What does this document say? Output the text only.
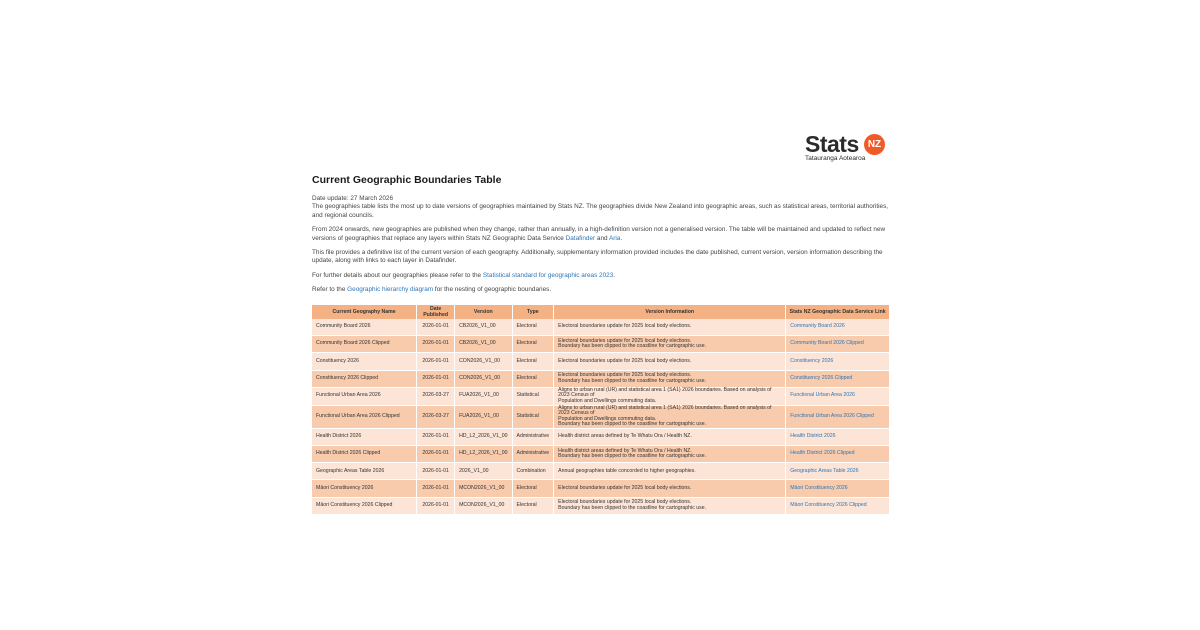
Stats NZ
Tatauranga Aotearoa
Current Geographic Boundaries Table

Date update: 27 March 2026
The geographies table lists the most up to date versions of geographies maintained by Stats NZ. The geographies divide New Zealand into geographic areas, such as statistical areas, territorial authorities, and regional councils.

From 2024 onwards, new geographies are published when they change, rather than annually, in a high-definition version not a generalised version. The table will be maintained and updated to reflect new versions of geographies that replace any layers within Stats NZ Geographic Data Service Datafinder and Aria.

This file provides a definitive list of the current version of each geography. Additionally, supplementary information provided includes the date published, current version, version information describing the update, along with links to each layer in Datafinder.

For further details about our geographies please refer to the Statistical standard for geographic areas 2023.

Refer to the Geographic hierarchy diagram for the nesting of geographic boundaries.

Current Geography Name	Date Published	Version	Type	Version Information	Stats NZ Geographic Data Service Link
Community Board 2026	2026-01-01	CB2026_V1_00	Electoral	Electoral boundaries update for 2025 local body elections.	Community Board 2026
Community Board 2026 Clipped	2026-01-01	CB2026_V1_00	Electoral	Electoral boundaries update for 2025 local body elections.
Boundary has been clipped to the coastline for cartographic use.	Community Board 2026 Clipped
Constituency 2026	2026-01-01	CON2026_V1_00	Electoral	Electoral boundaries update for 2025 local body elections.	Constituency 2026
Constituency 2026 Clipped	2026-01-01	CON2026_V1_00	Electoral	Electoral boundaries update for 2025 local body elections.
Boundary has been clipped to the coastline for cartographic use.	Constituency 2026 Clipped
Functional Urban Area 2026	2026-03-27	FUA2026_V1_00	Statistical	Aligns to urban rural (UR) and statistical area 1 (SA1) 2026 boundaries. Based on analysis of 2023 Census of
Population and Dwellings commuting data.	Functional Urban Area 2026
Functional Urban Area 2026 Clipped	2026-03-27	FUA2026_V1_00	Statistical	Aligns to urban rural (UR) and statistical area 1 (SA1) 2026 boundaries. Based on analysis of 2023 Census of
Population and Dwellings commuting data.
Boundary has been clipped to the coastline for cartographic use.	Functional Urban Area 2026 Clipped
Health District 2026	2026-01-01	HD_L2_2026_V1_00	Administrative	Health district areas defined by Te Whatu Ora / Health NZ.	Health District 2026
Health District 2026 Clipped	2026-01-01	HD_L2_2026_V1_00	Administrative	Health district areas defined by Te Whatu Ora / Health NZ.
Boundary has been clipped to the coastline for cartographic use.	Health District 2026 Clipped
Geographic Areas Table 2026	2026-01-01	2026_V1_00	Combination	Annual geographies table concorded to higher geographies.	Geographic Areas Table 2026
Māori Constituency 2026	2026-01-01	MCON2026_V1_00	Electoral	Electoral boundaries update for 2025 local body elections.	Māori Constituency 2026
Māori Constituency 2026 Clipped	2026-01-01	MCON2026_V1_00	Electoral	Electoral boundaries update for 2025 local body elections.
Boundary has been clipped to the coastline for cartographic use.	Māori Constituency 2026 Clipped
